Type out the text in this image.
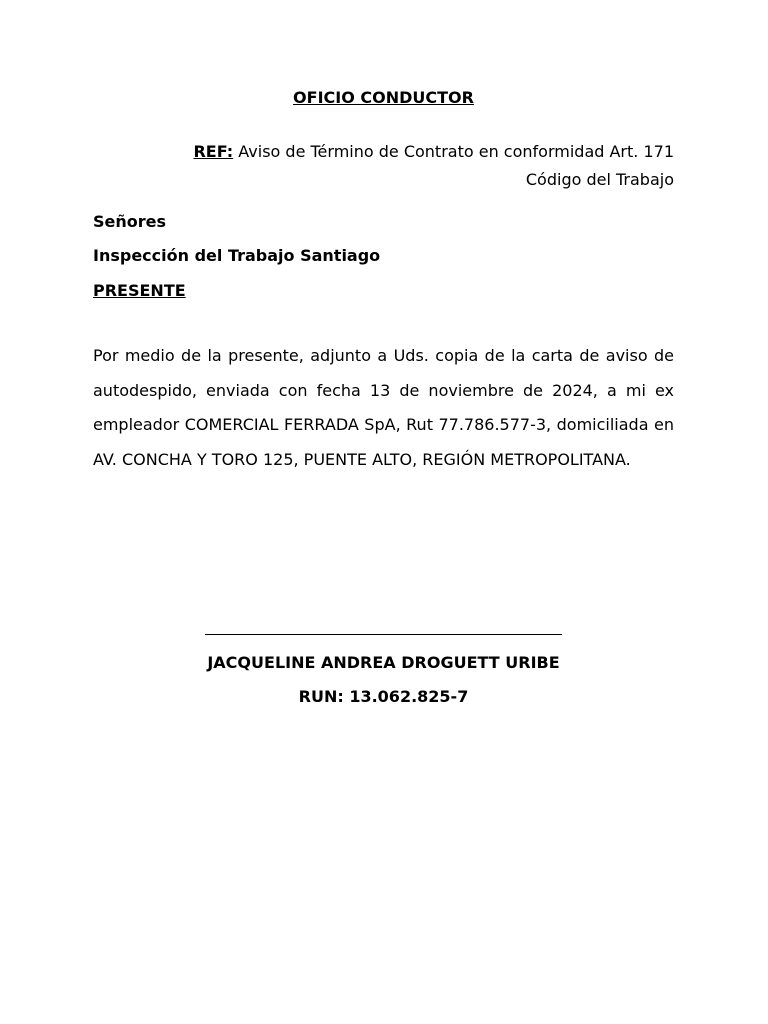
OFICIO CONDUCTOR
REF: Aviso de Término de Contrato en conformidad Art. 171
Código del Trabajo
Señores
Inspección del Trabajo Santiago
PRESENTE
Por medio de la presente, adjunto a Uds. copia de la carta de aviso de autodespido, enviada con fecha 13 de noviembre de 2024, a mi ex empleador COMERCIAL FERRADA SpA, Rut 77.786.577-3, domiciliada en AV. CONCHA Y TORO 125, PUENTE ALTO, REGIÓN METROPOLITANA.
JACQUELINE ANDREA DROGUETT URIBE
RUN: 13.062.825-7
